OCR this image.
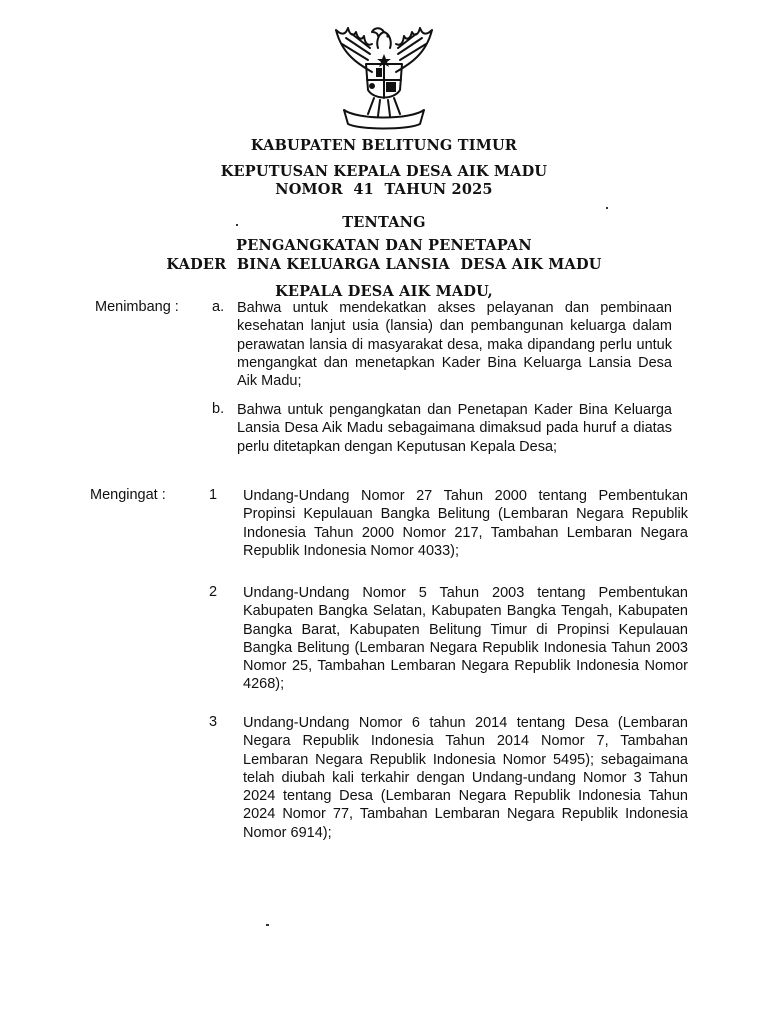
KABUPATEN BELITUNG TIMUR
KEPUTUSAN KEPALA DESA AIK MADU
NOMOR  41  TAHUN 2025
TENTANG
PENGANGKATAN DAN PENETAPAN
KADER  BINA KELUARGA LANSIA  DESA AIK MADU
KEPALA DESA AIK MADU,
Menimbang : a. Bahwa untuk mendekatkan akses pelayanan dan pembinaan kesehatan lanjut usia (lansia) dan pembangunan keluarga dalam perawatan lansia di masyarakat desa, maka dipandang perlu untuk mengangkat dan menetapkan Kader Bina Keluarga Lansia Desa Aik Madu;

b. Bahwa untuk pengangkatan dan Penetapan Kader Bina Keluarga Lansia Desa Aik Madu sebagaimana dimaksud pada huruf a diatas perlu ditetapkan dengan Keputusan Kepala Desa;

Mengingat :	1 Undang-Undang Nomor 27 Tahun 2000 tentang Pembentukan Propinsi Kepulauan Bangka Belitung (Lembaran Negara Republik Indonesia Tahun 2000 Nomor 217, Tambahan Lembaran Negara Republik Indonesia Nomor 4033);

2 Undang-Undang Nomor 5 Tahun 2003 tentang Pembentukan Kabupaten Bangka Selatan, Kabupaten Bangka Tengah, Kabupaten Bangka Barat, Kabupaten Belitung Timur di Propinsi Kepulauan Bangka Belitung (Lembaran Negara Republik Indonesia Tahun 2003 Nomor 25, Tambahan Lembaran Negara Republik Indonesia Nomor 4268);

3 Undang-Undang Nomor 6 tahun 2014 tentang Desa (Lembaran Negara Republik Indonesia Tahun 2014 Nomor 7, Tambahan Lembaran Negara Republik Indonesia Nomor 5495); sebagaimana telah diubah kali terkahir dengan Undang-undang Nomor 3 Tahun 2024 tentang Desa (Lembaran Negara Republik Indonesia Tahun 2024 Nomor 77, Tambahan Lembaran Negara Republik Indonesia Nomor 6914);
